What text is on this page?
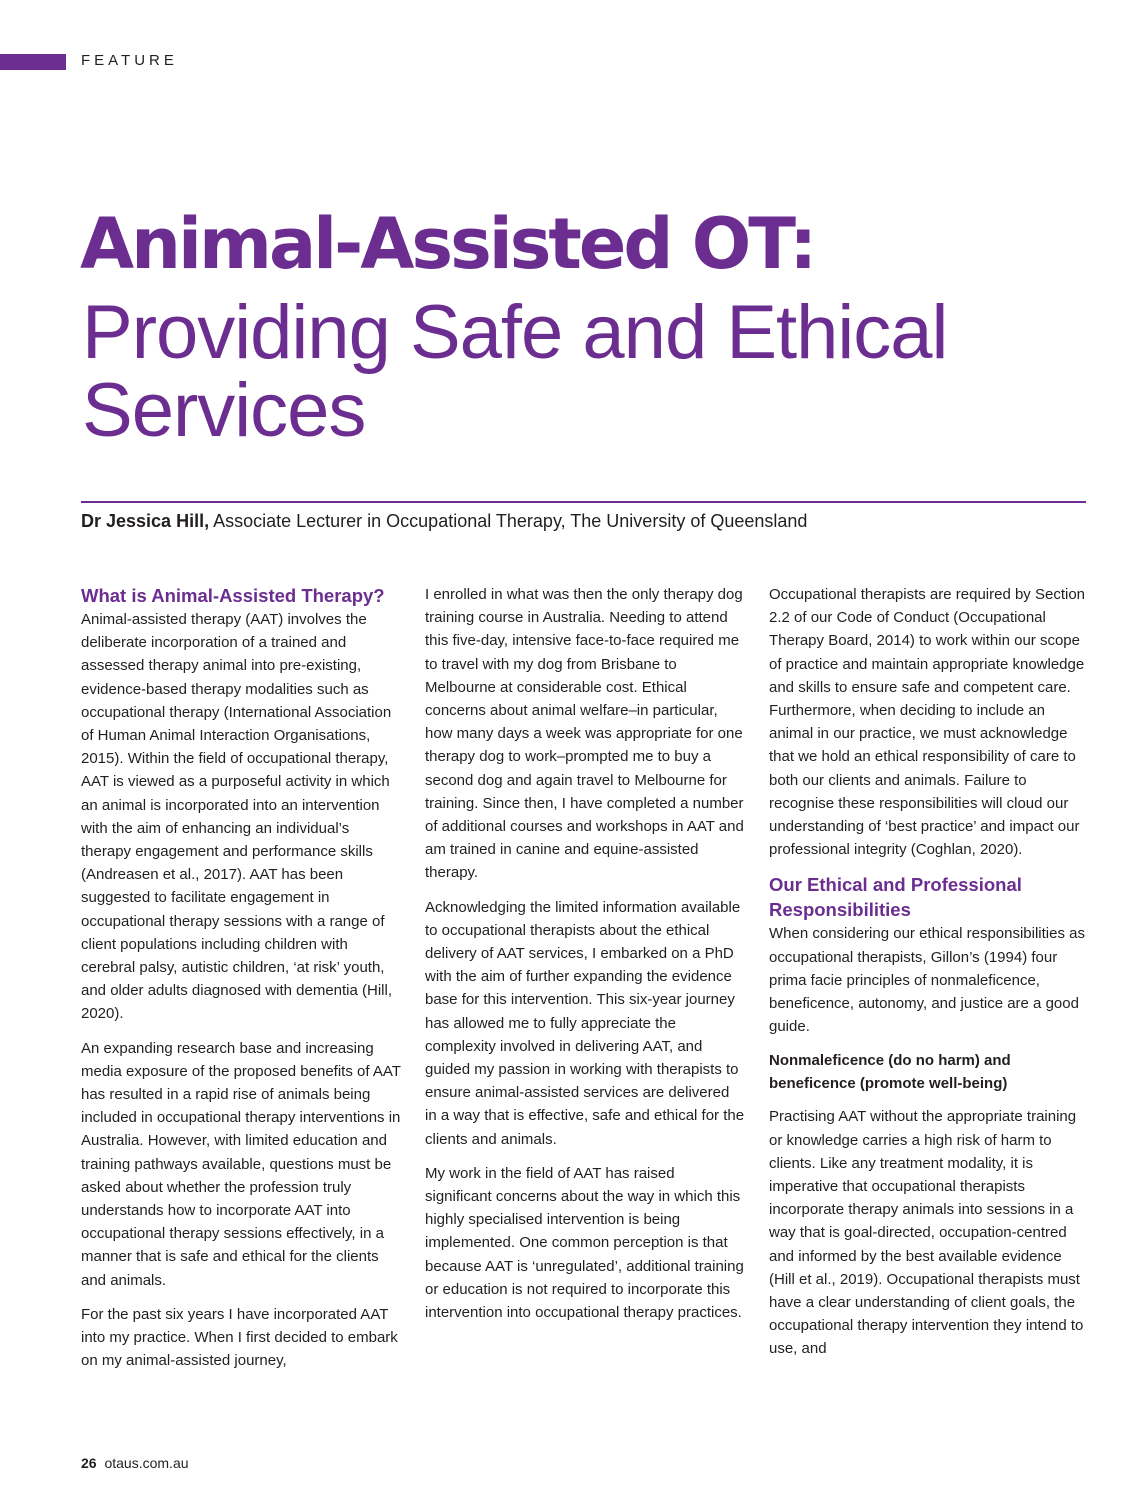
FEATURE
Animal-Assisted OT:
Providing Safe and Ethical Services
Dr Jessica Hill, Associate Lecturer in Occupational Therapy, The University of Queensland
What is Animal-Assisted Therapy?

Animal-assisted therapy (AAT) involves the deliberate incorporation of a trained and assessed therapy animal into pre-existing, evidence-based therapy modalities such as occupational therapy (International Association of Human Animal Interaction Organisations, 2015). Within the field of occupational therapy, AAT is viewed as a purposeful activity in which an animal is incorporated into an intervention with the aim of enhancing an individual’s therapy engagement and performance skills (Andreasen et al., 2017). AAT has been suggested to facilitate engagement in occupational therapy sessions with a range of client populations including children with cerebral palsy, autistic children, ‘at risk’ youth, and older adults diagnosed with dementia (Hill, 2020).

An expanding research base and increasing media exposure of the proposed benefits of AAT has resulted in a rapid rise of animals being included in occupational therapy interventions in Australia. However, with limited education and training pathways available, questions must be asked about whether the profession truly understands how to incorporate AAT into occupational therapy sessions effectively, in a manner that is safe and ethical for the clients and animals.

For the past six years I have incorporated AAT into my practice. When I first decided to embark on my animal-assisted journey,

I enrolled in what was then the only therapy dog training course in Australia. Needing to attend this five-day, intensive face-to-face required me to travel with my dog from Brisbane to Melbourne at considerable cost. Ethical concerns about animal welfare–in particular, how many days a week was appropriate for one therapy dog to work–prompted me to buy a second dog and again travel to Melbourne for training. Since then, I have completed a number of additional courses and workshops in AAT and am trained in canine and equine-assisted therapy.

Acknowledging the limited information available to occupational therapists about the ethical delivery of AAT services, I embarked on a PhD with the aim of further expanding the evidence base for this intervention. This six-year journey has allowed me to fully appreciate the complexity involved in delivering AAT, and guided my passion in working with therapists to ensure animal-assisted services are delivered in a way that is effective, safe and ethical for the clients and animals.

My work in the field of AAT has raised significant concerns about the way in which this highly specialised intervention is being implemented. One common perception is that because AAT is ‘unregulated’, additional training or education is not required to incorporate this intervention into occupational therapy practices.

Occupational therapists are required by Section 2.2 of our Code of Conduct (Occupational Therapy Board, 2014) to work within our scope of practice and maintain appropriate knowledge and skills to ensure safe and competent care. Furthermore, when deciding to include an animal in our practice, we must acknowledge that we hold an ethical responsibility of care to both our clients and animals. Failure to recognise these responsibilities will cloud our understanding of ‘best practice’ and impact our professional integrity (Coghlan, 2020).

Our Ethical and Professional Responsibilities

When considering our ethical responsibilities as occupational therapists, Gillon’s (1994) four prima facie principles of nonmaleficence, beneficence, autonomy, and justice are a good guide.

Nonmaleficence (do no harm) and beneficence (promote well-being)

Practising AAT without the appropriate training or knowledge carries a high risk of harm to clients. Like any treatment modality, it is imperative that occupational therapists incorporate therapy animals into sessions in a way that is goal-directed, occupation-centred and informed by the best available evidence (Hill et al., 2019). Occupational therapists must have a clear understanding of client goals, the occupational therapy intervention they intend to use, and

26 otaus.com.au
